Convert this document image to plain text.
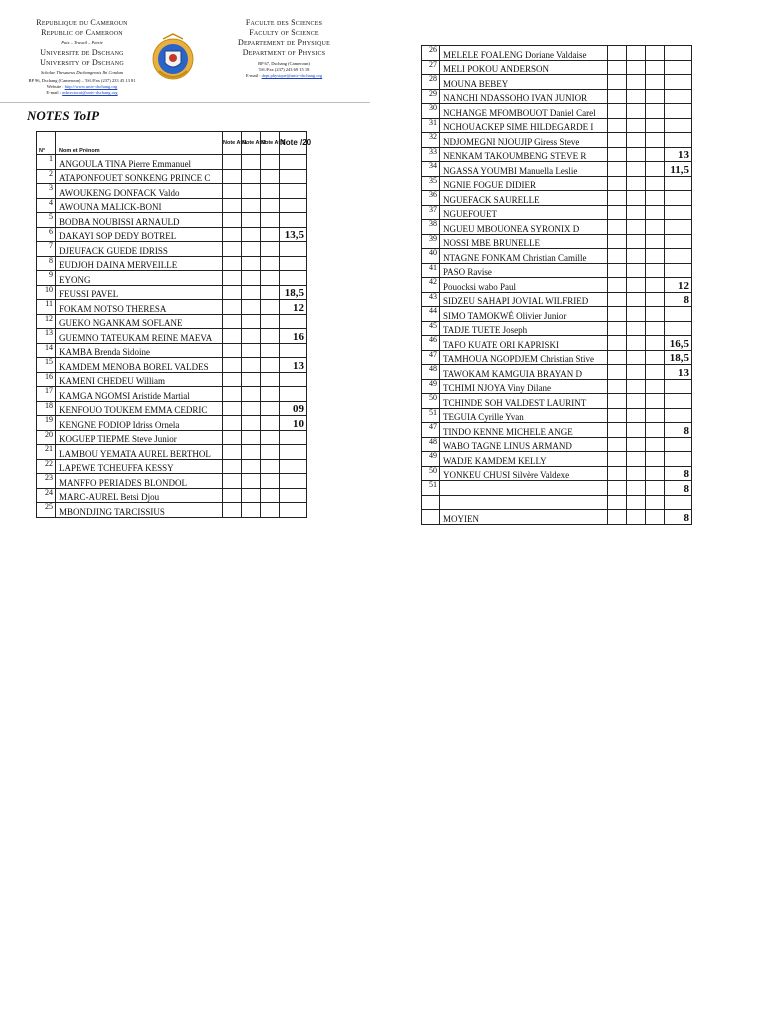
Republique du Cameroun
Republic of Cameroon
Paix – Travail – Patrie
Universite de Dschang
University of Dschang
Scholae Thesaurus Dschangensis Ibi Cordum
BP 96, Dschang (Cameroun) – Tél./Fax (237) 233 45 13 81
Website : http://www.univ-dschang.org
E-mail : udsrectorat@univ-dschang.org
Faculte des Sciences
Faculty of Science
Departement de Physique
Department of Physics
BP 67, Dschang (Cameroun)
Tél./Fax (237) 243 69 15 18
E-mail : dept.physique@univ-dschang.org
NOTES ToIP
N°	Nom et Prénom	Note Atl1	Note Atl2	Note Atl3	Note /20
1	ANGOULA TINA Pierre Emmanuel				
2	ATAPONFOUET SONKENG PRINCE C				
3	AWOUKENG DONFACK Valdo				
4	AWOUNA MALICK-BONI				
5	BODBA NOUBISSI ARNAULD				
6	DAKAYI SOP DEDY BOTREL				13,5
7	DJEUFACK GUEDE IDRISS				
8	EUDJOH DAINA MERVEILLE				
9	EYONG				
10	FEUSSI PAVEL				18,5
11	FOKAM NOTSO THERESA				12
12	GUEKO NGANKAM SOFLANE				
13	GUEMNO TATEUKAM REINE MAEVA				16
14	KAMBA Brenda Sidoine				
15	KAMDEM MENOBA BOREL VALDES				13
16	KAMENI CHEDEU William				
17	KAMGA NGOMSI Aristide Martial				
18	KENFOUO TOUKEM EMMA CEDRIC				09
19	KENGNE FODIOP Idriss Ornela				10
20	KOGUEP TIEPME Steve Junior				
21	LAMBOU YEMATA AUREL BERTHOL				
22	LAPEWE TCHEUFFA KESSY				
23	MANFFO PERIADES BLONDOL				
24	MARC-AUREL Betsi Djou				
25	MBONDJING TARCISSIUS				
26	MELELE FOALENG Doriane Valdaise				
27	MELI POKOU ANDERSON				
28	MOUNA BEBEY				
29	NANCHI NDASSOHO IVAN JUNIOR				
30	NCHANGE MFOMBOUOT Daniel Carel				
31	NCHOUACKEP SIME HILDEGARDE I				
32	NDJOMEGNI NJOUJIP Giress Steve				
33	NENKAM TAKOUMBENG STEVE R				13
34	NGASSA YOUMBI Manuella Leslie				11,5
35	NGNIE FOGUE DIDIER				
36	NGUEFACK SAURELLE				
37	NGUEFOUET				
38	NGUEU MBOUONEA SYRONIX D				
39	NOSSI MBE BRUNELLE				
40	NTAGNE FONKAM Christian Camille				
41	PASO Ravise				
42	Pouocksi wabo Paul				12
43	SIDZEU SAHAPI JOVIAL WILFRIED				8
44	SIMO TAMOKWÉ Olivier Junior				
45	TADJE TUETE Joseph				
46	TAFO KUATE ORI KAPRISKI				16,5
47	TAMHOUA NGOPDJEM Christian Stive				18,5
48	TAWOKAM KAMGUIA BRAYAN D				13
49	TCHIMI NJOYA Viny Dilane				
50	TCHINDE SOH VALDEST LAURINT				
51	TEGUIA Cyrille Yvan				
47	TINDO KENNE MICHELE ANGE				8
48	WABO TAGNE LINUS ARMAND				
49	WADJE KAMDEM KELLY				
50	YONKEU CHUSI Silvère Valdexe				8
51					8

	MOYIEN				8
